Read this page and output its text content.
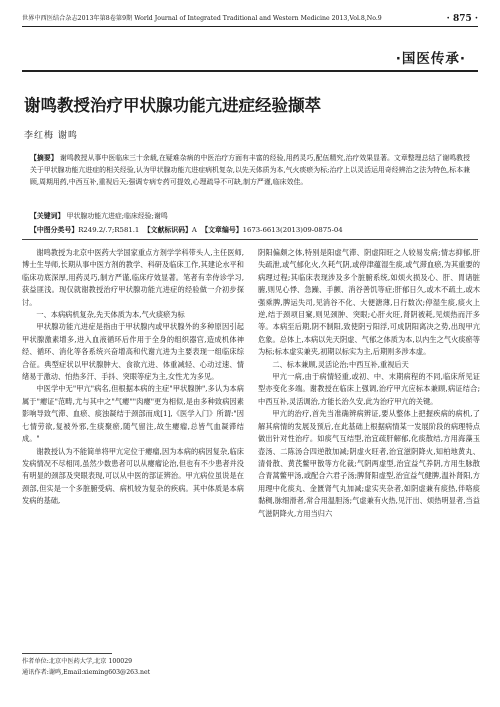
世界中西医结合杂志2013年第8卷第9期 World Journal of Integrated Traditional and Western Medicine 2013,Vol.8,No.9	· 875 ·
·国医传承·
谢鸣教授治疗甲状腺功能亢进症经验撷萃
李红梅 谢鸣
【摘要】 谢鸣教授从事中医临床三十余载,在疑难杂病的中医治疗方面有丰富的经验,用药灵巧,配伍精究,治疗效果显著。文章整理总结了谢鸣教授关于甲状腺功能亢进症的相关经验,认为甲状腺功能亢进症病机复杂,以先天体质为本,气火痰瘀为标;治疗上以灵活运用奇经辨治之法为特色,标本兼顾,周期用药,中西互补,重视后天;强调专病专药可提效,心理疏导不可缺,制方严谨,临床效佳。
【关键词】 甲状腺功能亢进症;临床经验;谢鸣
【中图分类号】R249.2/.7;R581.1 【文献标识码】A 【文章编号】1673-6613(2013)09-0875-04

谢鸣教授为北京中医药大学国家重点方剂学学科带头人,主任医师,博士生导师,长期从事中医方剂的教学、科研及临床工作,其建论水平和临床功底深厚,用药灵巧,制方严谨,临床疗效显著。笔者有幸侍诊学习,获益匪浅。现仅就谢教授治疗甲状腺功能亢进症的经验做一介初步探讨。

一、本病病机复杂,先天体质为本,气火痰瘀为标

甲状腺功能亢进症是指由于甲状腺内或甲状腺外的多种原因引起甲状腺激素增多,进入血液循环后作用于全身的组织器官,造成机体神经、循环、消化等各系统兴奋增高和代谢亢进为主要表现一组临床综合征。典型症状以甲状腺肿大、食欲亢进、体重减轻、心动过速、情绪易于激动、怕热多汗、手抖、突眼等症为主,女性尤为多见。

中医学中无"甲亢"病名,但根据本病的主症"甲状腺肿",多认为本病属于"瘿证"范畴,尤与其中之"气瘿""肉瘿"更为相似,是由多种致病因素影响导致气滞、血瘀、痰浊凝结于颈部而成[1],《医学入门》所谓:"因七情劳欲,复被外邪,生痰聚瘀,随气留注,故生瘿瘤,总皆气血凝滞结成。"

谢教授认为不能简单将甲亢定位于瘿瘤,因为本病的病因复杂,临床发病情况不尽相同,虽然少数患者可以从瘿瘤论治,但也有不少患者并没有明显的颈部及突眼表现,可以从中医的部证辨治。甲亢病位虽说是在颈部,但实是一个多脏腑受病、病机较为复杂的疾病。其中体质是本病发病的基础,

阴阳偏颇之体,特别是阳虚气滞、阴虚阳旺之人较易发病;情志抑郁,肝失疏泄,或气郁化火,久耗气阴,或停津蕴湿生痰,或气滞血瘀,为其重要的病理过程;其临床表现涉及多个脏腑系统,如烦火损及心、肝、胃诸脏腑,则见心悸、急躁、手颤、消谷善饥等症;肝郁日久,或木不疏土,或木强乘脾,脾运失司,见消谷不化、大便溏薄,日行数次;停湿生痰,痰火上逆,结于颈项目窠,则见颈肿、突眼;心肝火旺,肾阴被耗,见烦热而汗多等。本病至后期,阴不制阳,致使阴亏阳浮,可成阴阳离决之势,出现甲亢危象。总体上,本病以先天阴虚、气郁之体质为本,以内生之气火痰瘀等为标;标本虚实兼夹,初期以标实为主,后期则多涉本虚。

二、标本兼顾,灵活论治;中西互补,重视后天

甲亢一病,由于病情轻重,或初、中、末期病程的不同,临床所见证型亦变化多端。谢教授在临床上强调,治疗甲亢应标本兼顾,病证结合;中西互补,灵活调治,方能长治久安,此为治疗甲亢的关键。

甲亢的治疗,首先当准确辨病辨证,要从整体上把握疾病的病机,了解其病情的发展及预后,在此基础上根据病情某一发展阶段的病理特点做出针对性治疗。如痰气互结型,治宜疏肝解郁,化痰散结,方用海藻玉壶汤、二陈汤合四逆散加减;阴虚火旺者,治宜滋阴降火,知柏地黄丸、清骨散、黄芪鳖甲散等方化裁;气阴两虚型,治宜益气养阴,方用生脉散合青蒿鳖甲汤,或配合六君子汤;脾肾阳虚型,治宜益气健脾,温补肾阳,方用理中化痰丸、金匮肾气丸加减;虚实夹杂者,如阴虚兼有痰热,伴咯痰黏稠,脉细滑者,常合用温胆汤;气虚兼有火热,见汗出、烦热明显者,当益气滋阴降火,方用当归六

作者单位:北京中医药大学,北京 100029
通讯作者:谢鸣,Email:xieming603@263.net
